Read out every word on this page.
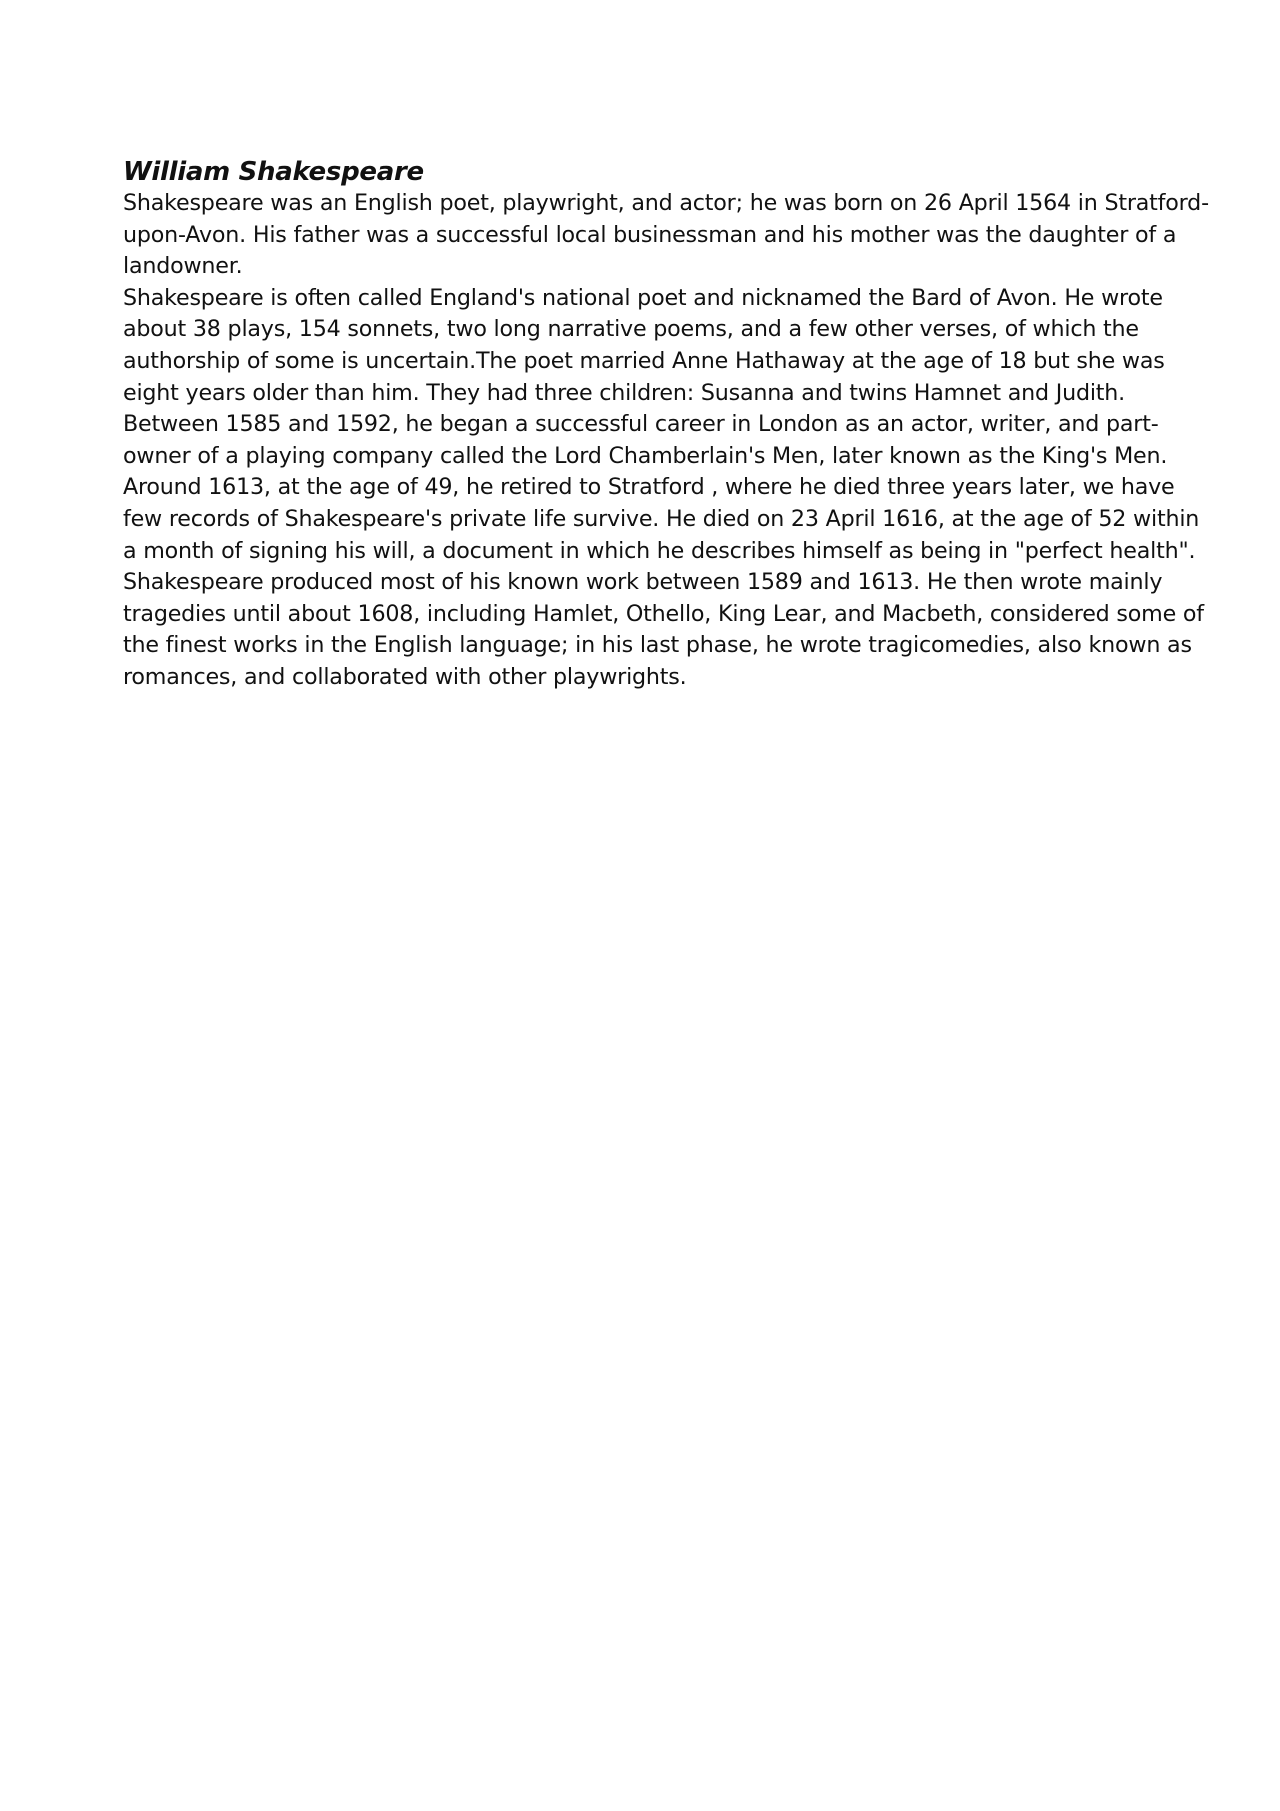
William Shakespeare

Shakespeare was an English poet, playwright, and actor; he was born on 26 April 1564 in Stratford-
upon-Avon. His father was a successful local businessman and his mother was the daughter of a
landowner.
Shakespeare is often called England's national poet and nicknamed the Bard of Avon. He wrote
about 38 plays, 154 sonnets, two long narrative poems, and a few other verses, of which the
authorship of some is uncertain.The poet married Anne Hathaway at the age of 18 but she was
eight years older than him. They had three children: Susanna and twins Hamnet and Judith.
Between 1585 and 1592, he began a successful career in London as an actor, writer, and part-
owner of a playing company called the Lord Chamberlain's Men, later known as the King's Men.
Around 1613, at the age of 49, he retired to Stratford , where he died three years later, we have
few records of Shakespeare's private life survive. He died on 23 April 1616, at the age of 52 within
a month of signing his will, a document in which he describes himself as being in "perfect health".
Shakespeare produced most of his known work between 1589 and 1613. He then wrote mainly
tragedies until about 1608, including Hamlet, Othello, King Lear, and Macbeth, considered some of
the finest works in the English language; in his last phase, he wrote tragicomedies, also known as
romances, and collaborated with other playwrights.
